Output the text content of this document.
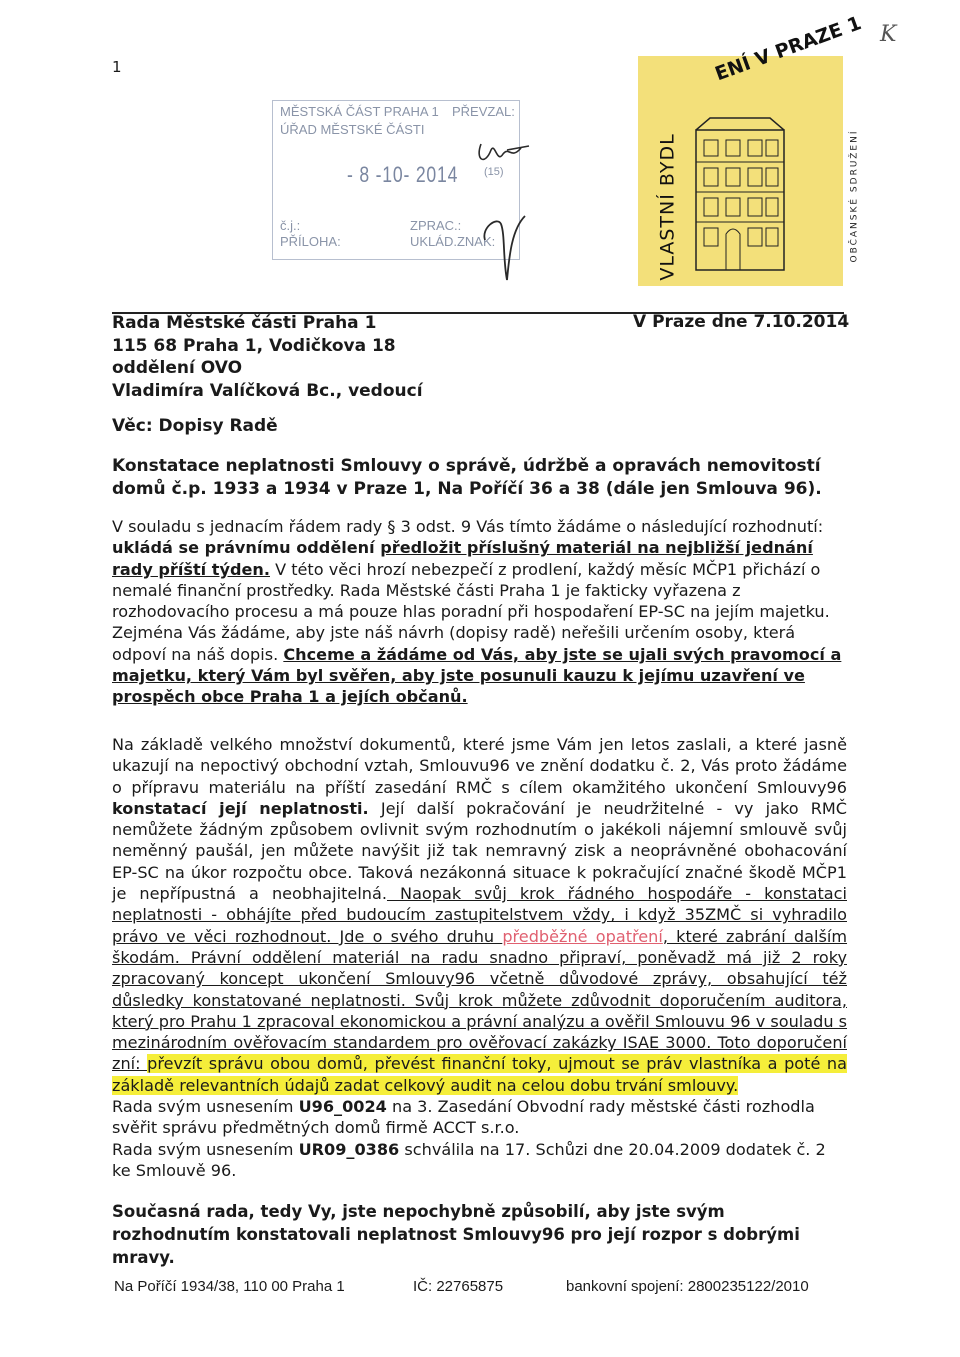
1
K
MĚSTSKÁ ČÁST PRAHA 1
ÚŘAD MĚSTSKÉ ČÁSTI
PŘEVZAL:
- 8 -10- 2014 (15)
č.j.:
PŘÍLOHA:
ZPRAC.:
UKLÁD.ZNAK:
ENÍ V PRAZE 1
VLASTNÍ BYDL	OBČANSKÉ SDRUŽENÍ
Rada Městské části Praha 1
115 68 Praha 1, Vodičkova 18
oddělení OVO
Vladimíra Valíčková Bc., vedoucí
V Praze dne 7.10.2014
Věc: Dopisy Radě
Konstatace neplatnosti Smlouvy o správě, údržbě a opravách nemovitostí domů č.p. 1933 a 1934 v Praze 1, Na Poříčí 36 a 38 (dále jen Smlouva 96).
V souladu s jednacím řádem rady § 3 odst. 9 Vás tímto žádáme o následující rozhodnutí:
ukládá se právnímu oddělení předložit příslušný materiál na nejbližší jednání rady příští týden. V této věci hrozí nebezpečí z prodlení, každý měsíc MČP1 přichází o nemalé finanční prostředky. Rada Městské části Praha 1 je fakticky vyřazena z rozhodovacího procesu a má pouze hlas poradní při hospodaření EP-SC na jejím majetku. Zejména Vás žádáme, aby jste náš návrh (dopisy radě) neřešili určením osoby, která odpoví na náš dopis. Chceme a žádáme od Vás, aby jste se ujali svých pravomocí a majetku, který Vám byl svěřen, aby jste posunuli kauzu k jejímu uzavření ve prospěch obce Praha 1 a jejích občanů.
Na základě velkého množství dokumentů, které jsme Vám jen letos zaslali, a které jasně ukazují na nepoctivý obchodní vztah, Smlouvu96 ve znění dodatku č. 2, Vás proto žádáme o přípravu materiálu na příští zasedání RMČ s cílem okamžitého ukončení Smlouvy96 konstatací její neplatnosti. Její další pokračování je neudržitelné - vy jako RMČ nemůžete žádným způsobem ovlivnit svým rozhodnutím o jakékoli nájemní smlouvě svůj neměnný paušál, jen můžete navýšit již tak nemravný zisk a neoprávněné obohacování EP-SC na úkor rozpočtu obce. Taková nezákonná situace k pokračující značné škodě MČP1 je nepřípustná a neobhajitelná. Naopak svůj krok řádného hospodáře - konstataci neplatnosti - obhájíte před budoucím zastupitelstvem vždy, i když 35ZMČ si vyhradilo právo ve věci rozhodnout. Jde o svého druhu předběžné opatření, které zabrání dalším škodám. Právní oddělení materiál na radu snadno připraví, poněvadž má již 2 roky zpracovaný koncept ukončení Smlouvy96 včetně důvodové zprávy, obsahující též důsledky konstatované neplatnosti. Svůj krok můžete zdůvodnit doporučením auditora, který pro Prahu 1 zpracoval ekonomickou a právní analýzu a ověřil Smlouvu 96 v souladu s mezinárodním ověřovacím standardem pro ověřovací zakázky ISAE 3000. Toto doporučení zní: převzít správu obou domů, převést finanční toky, ujmout se práv vlastníka a poté na základě relevantních údajů zadat celkový audit na celou dobu trvání smlouvy.
Rada svým usnesením U96_0024 na 3. Zasedání Obvodní rady městské části rozhodla svěřit správu předmětných domů firmě ACCT s.r.o.
Rada svým usnesením UR09_0386 schválila na 17. Schůzi dne 20.04.2009 dodatek č. 2 ke Smlouvě 96.
Současná rada, tedy Vy, jste nepochybně způsobilí, aby jste svým rozhodnutím konstatovali neplatnost Smlouvy96 pro její rozpor s dobrými mravy.
Na Poříčí 1934/38, 110 00 Praha 1	IČ: 22765875	bankovní spojení: 2800235122/2010
